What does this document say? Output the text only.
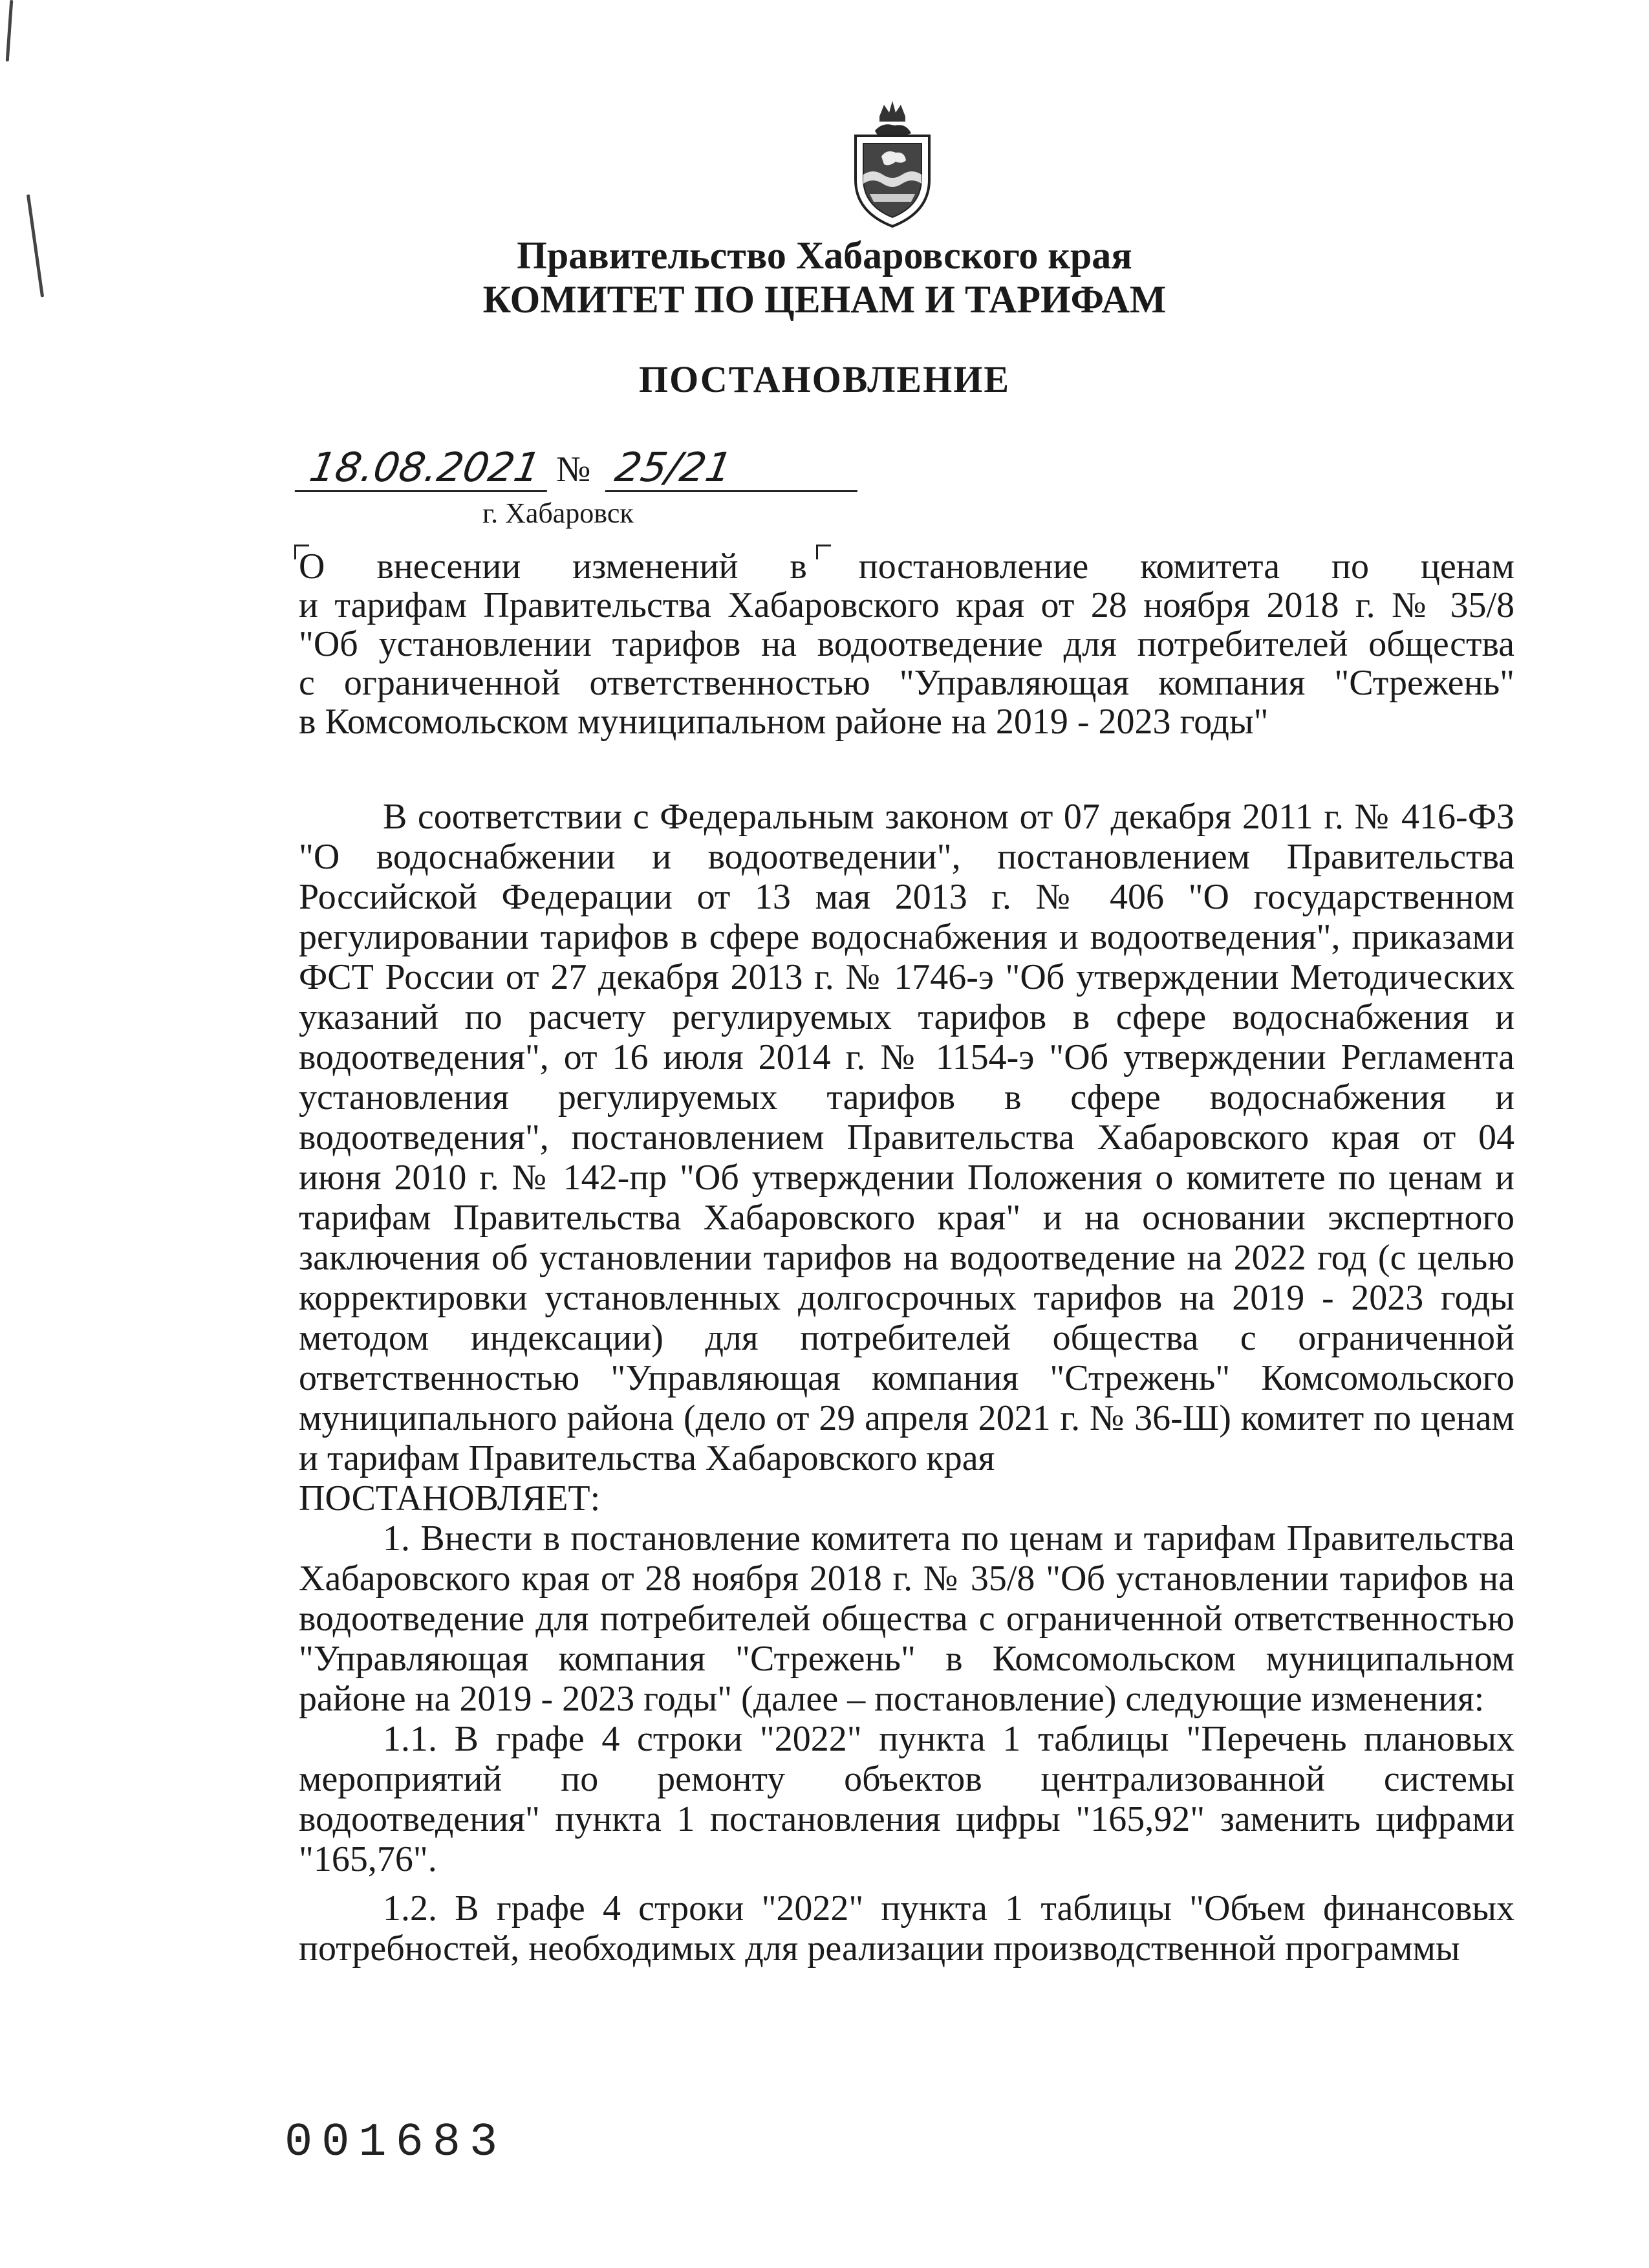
Правительство Хабаровского края
КОМИТЕТ ПО ЦЕНАМ И ТАРИФАМ
ПОСТАНОВЛЕНИЕ
18.08.2021 № 25/21
г. Хабаровск
О внесении изменений в постановление комитета по ценам
и тарифам Правительства Хабаровского края от 28 ноября 2018 г. № 35/8
"Об установлении тарифов на водоотведение для потребителей общества
с ограниченной ответственностью "Управляющая компания "Стрежень"
в Комсомольском муниципальном районе на 2019 - 2023 годы"

В соответствии с Федеральным законом от 07 декабря 2011 г. № 416-ФЗ "О водоснабжении и водоотведении", постановлением Правительства Российской Федерации от 13 мая 2013 г. № 406 "О государственном регулировании тарифов в сфере водоснабжения и водоотведения", приказами ФСТ России от 27 декабря 2013 г. № 1746-э "Об утверждении Методических указаний по расчету регулируемых тарифов в сфере водоснабжения и водоотведения", от 16 июля 2014 г. № 1154-э "Об утверждении Регламента установления регулируемых тарифов в сфере водоснабжения и водоотведения", постановлением Правительства Хабаровского края от 04 июня 2010 г. № 142-пр "Об утверждении Положения о комитете по ценам и тарифам Правительства Хабаровского края" и на основании экспертного заключения об установлении тарифов на водоотведение на 2022 год (с целью корректировки установленных долгосрочных тарифов на 2019 - 2023 годы методом индексации) для потребителей общества с ограниченной ответственностью "Управляющая компания "Стрежень" Комсомольского муниципального района (дело от 29 апреля 2021 г. № 36-Ш) комитет по ценам и тарифам Правительства Хабаровского края

ПОСТАНОВЛЯЕТ:

1. Внести в постановление комитета по ценам и тарифам Правительства Хабаровского края от 28 ноября 2018 г. № 35/8 "Об установлении тарифов на водоотведение для потребителей общества с ограниченной ответственностью "Управляющая компания "Стрежень" в Комсомольском муниципальном районе на 2019 - 2023 годы" (далее – постановление) следующие изменения:

1.1. В графе 4 строки "2022" пункта 1 таблицы "Перечень плановых мероприятий по ремонту объектов централизованной системы водоотведения" пункта 1 постановления цифры "165,92" заменить цифрами "165,76".

1.2. В графе 4 строки "2022" пункта 1 таблицы "Объем финансовых потребностей, необходимых для реализации производственной программы

001683
